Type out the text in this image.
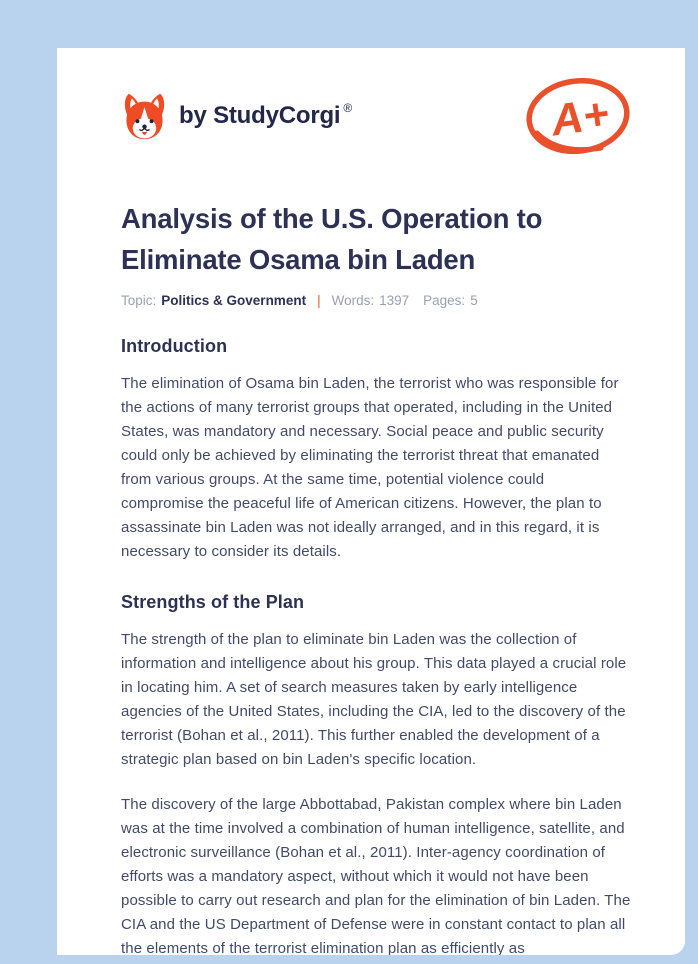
by StudyCorgi ®	A+
Analysis of the U.S. Operation to Eliminate Osama bin Laden
Topic: Politics & Government | Words: 1397 Pages: 5
Introduction

The elimination of Osama bin Laden, the terrorist who was responsible for the actions of many terrorist groups that operated, including in the United States, was mandatory and necessary. Social peace and public security could only be achieved by eliminating the terrorist threat that emanated from various groups. At the same time, potential violence could compromise the peaceful life of American citizens. However, the plan to assassinate bin Laden was not ideally arranged, and in this regard, it is necessary to consider its details.

Strengths of the Plan

The strength of the plan to eliminate bin Laden was the collection of information and intelligence about his group. This data played a crucial role in locating him. A set of search measures taken by early intelligence agencies of the United States, including the CIA, led to the discovery of the terrorist (Bohan et al., 2011). This further enabled the development of a strategic plan based on bin Laden's specific location.

The discovery of the large Abbottabad, Pakistan complex where bin Laden was at the time involved a combination of human intelligence, satellite, and electronic surveillance (Bohan et al., 2011). Inter-agency coordination of efforts was a mandatory aspect, without which it would not have been possible to carry out research and plan for the elimination of bin Laden. The CIA and the US Department of Defense were in constant contact to plan all the elements of the terrorist elimination plan as efficiently as
